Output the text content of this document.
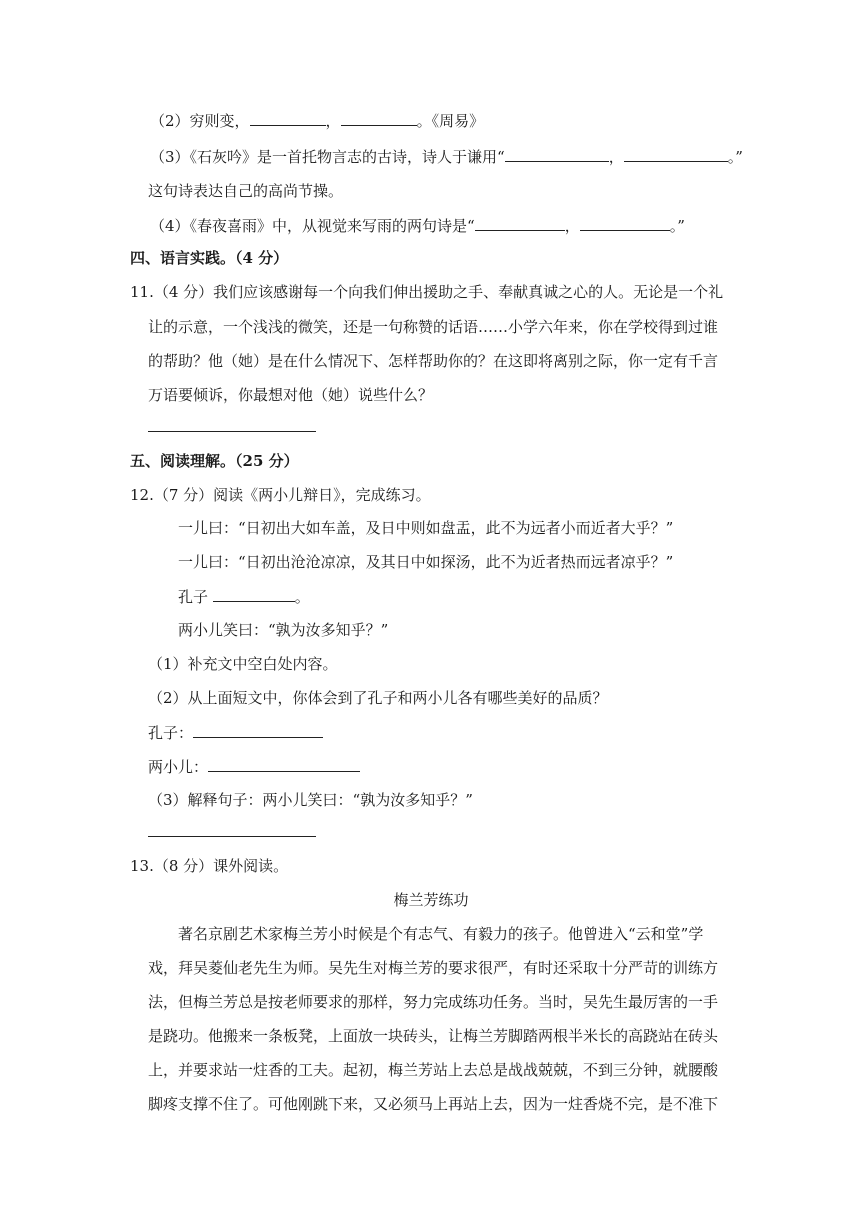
（2）穷则变，	，	。《周易》
（3）《石灰吟》是一首托物言志的古诗，诗人于谦用“	，	。”
这句诗表达自己的高尚节操。
（4）《春夜喜雨》中，从视觉来写雨的两句诗是“	，	。”
四、语言实践。（4 分）
11.（4 分）我们应该感谢每一个向我们伸出援助之手、奉献真诚之心的人。无论是一个礼
让的示意，一个浅浅的微笑，还是一句称赞的话语……小学六年来，你在学校得到过谁
的帮助？他（她）是在什么情况下、怎样帮助你的？在这即将离别之际，你一定有千言
万语要倾诉，你最想对他（她）说些什么？
五、阅读理解。（25 分）
12.（7 分）阅读《两小儿辩日》，完成练习。
一儿曰：“日初出大如车盖，及日中则如盘盂，此不为远者小而近者大乎？”
一儿曰：“日初出沧沧凉凉，及其日中如探汤，此不为近者热而远者凉乎？”
孔子	。
两小儿笑曰：“孰为汝多知乎？”
（1）补充文中空白处内容。
（2）从上面短文中，你体会到了孔子和两小儿各有哪些美好的品质？
孔子：
两小儿：
（3）解释句子：两小儿笑曰：“孰为汝多知乎？”
13.（8 分）课外阅读。
梅兰芳练功
著名京剧艺术家梅兰芳小时候是个有志气、有毅力的孩子。他曾进入“云和堂”学
戏，拜吴菱仙老先生为师。吴先生对梅兰芳的要求很严，有时还采取十分严苛的训练方
法，但梅兰芳总是按老师要求的那样，努力完成练功任务。当时，吴先生最厉害的一手
是跷功。他搬来一条板凳，上面放一块砖头，让梅兰芳脚踏两根半米长的高跷站在砖头
上，并要求站一炷香的工夫。起初，梅兰芳站上去总是战战兢兢，不到三分钟，就腰酸
脚疼支撑不住了。可他刚跳下来，又必须马上再站上去，因为一炷香烧不完，是不准下
